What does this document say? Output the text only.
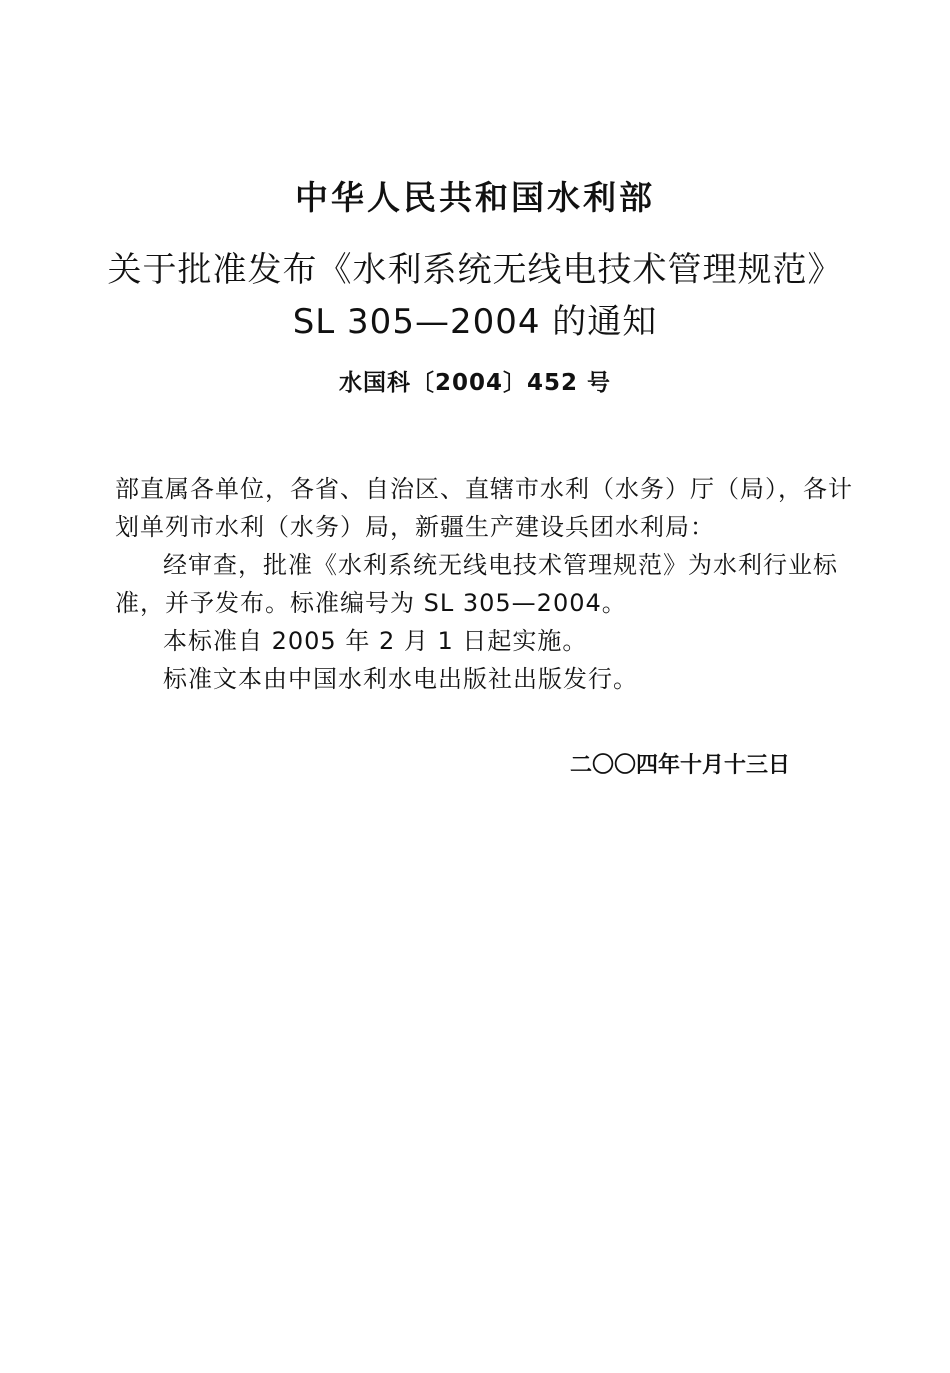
中华人民共和国水利部
关于批准发布《水利系统无线电技术管理规范》
SL 305—2004 的通知
水国科〔2004〕452 号

部直属各单位，各省、自治区、直辖市水利（水务）厅（局），各计划单列市水利（水务）局，新疆生产建设兵团水利局：

经审查，批准《水利系统无线电技术管理规范》为水利行业标准，并予发布。标准编号为 SL 305—2004。

本标准自 2005 年 2 月 1 日起实施。

标准文本由中国水利水电出版社出版发行。

二〇〇四年十月十三日
